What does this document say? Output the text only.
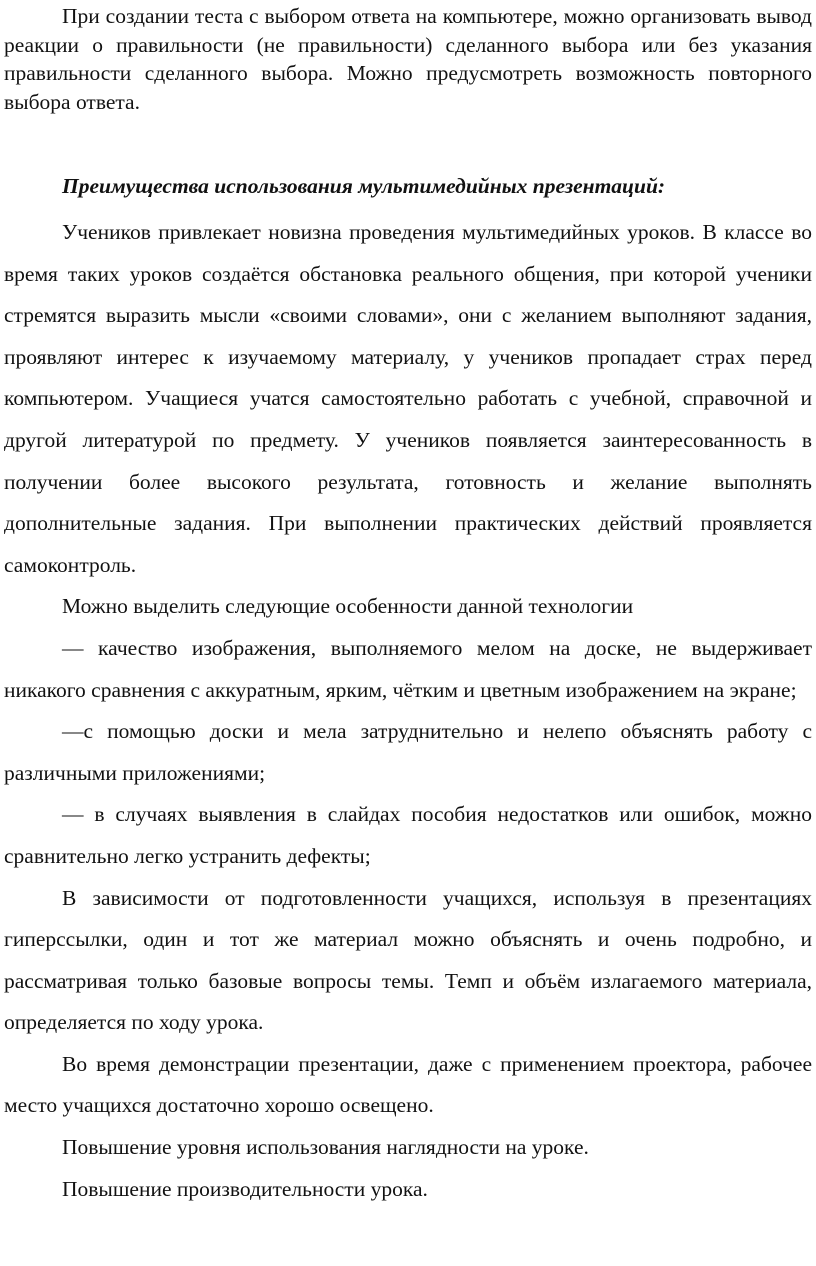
При создании теста с выбором ответа на компьютере, можно организовать вывод реакции о правильности (не правильности) сделанного выбора или без указания правильности сделанного выбора. Можно предусмотреть возможность повторного выбора ответа.

Преимущества использования мультимедийных презентаций:

Учеников привлекает новизна проведения мультимедийных уроков. В классе во время таких уроков создаётся обстановка реального общения, при которой ученики стремятся выразить мысли «своими словами», они с желанием выполняют задания, проявляют интерес к изучаемому материалу, у учеников пропадает страх перед компьютером. Учащиеся учатся самостоятельно работать с учебной, справочной и другой литературой по предмету. У учеников появляется заинтересованность в получении более высокого результата, готовность и желание выполнять дополнительные задания. При выполнении практических действий проявляется самоконтроль.

Можно выделить следующие особенности данной технологии

— качество изображения, выполняемого мелом на доске, не выдерживает никакого сравнения с аккуратным, ярким, чётким и цветным изображением на экране;

—с помощью доски и мела затруднительно и нелепо объяснять работу с различными приложениями;

— в случаях выявления в слайдах пособия недостатков или ошибок, можно сравнительно легко устранить дефекты;

В зависимости от подготовленности учащихся, используя в презентациях гиперссылки, один и тот же материал можно объяснять и очень подробно, и рассматривая только базовые вопросы темы. Темп и объём излагаемого материала, определяется по ходу урока.

Во время демонстрации презентации, даже с применением проектора, рабочее место учащихся достаточно хорошо освещено.

Повышение уровня использования наглядности на уроке.

Повышение производительности урока.
